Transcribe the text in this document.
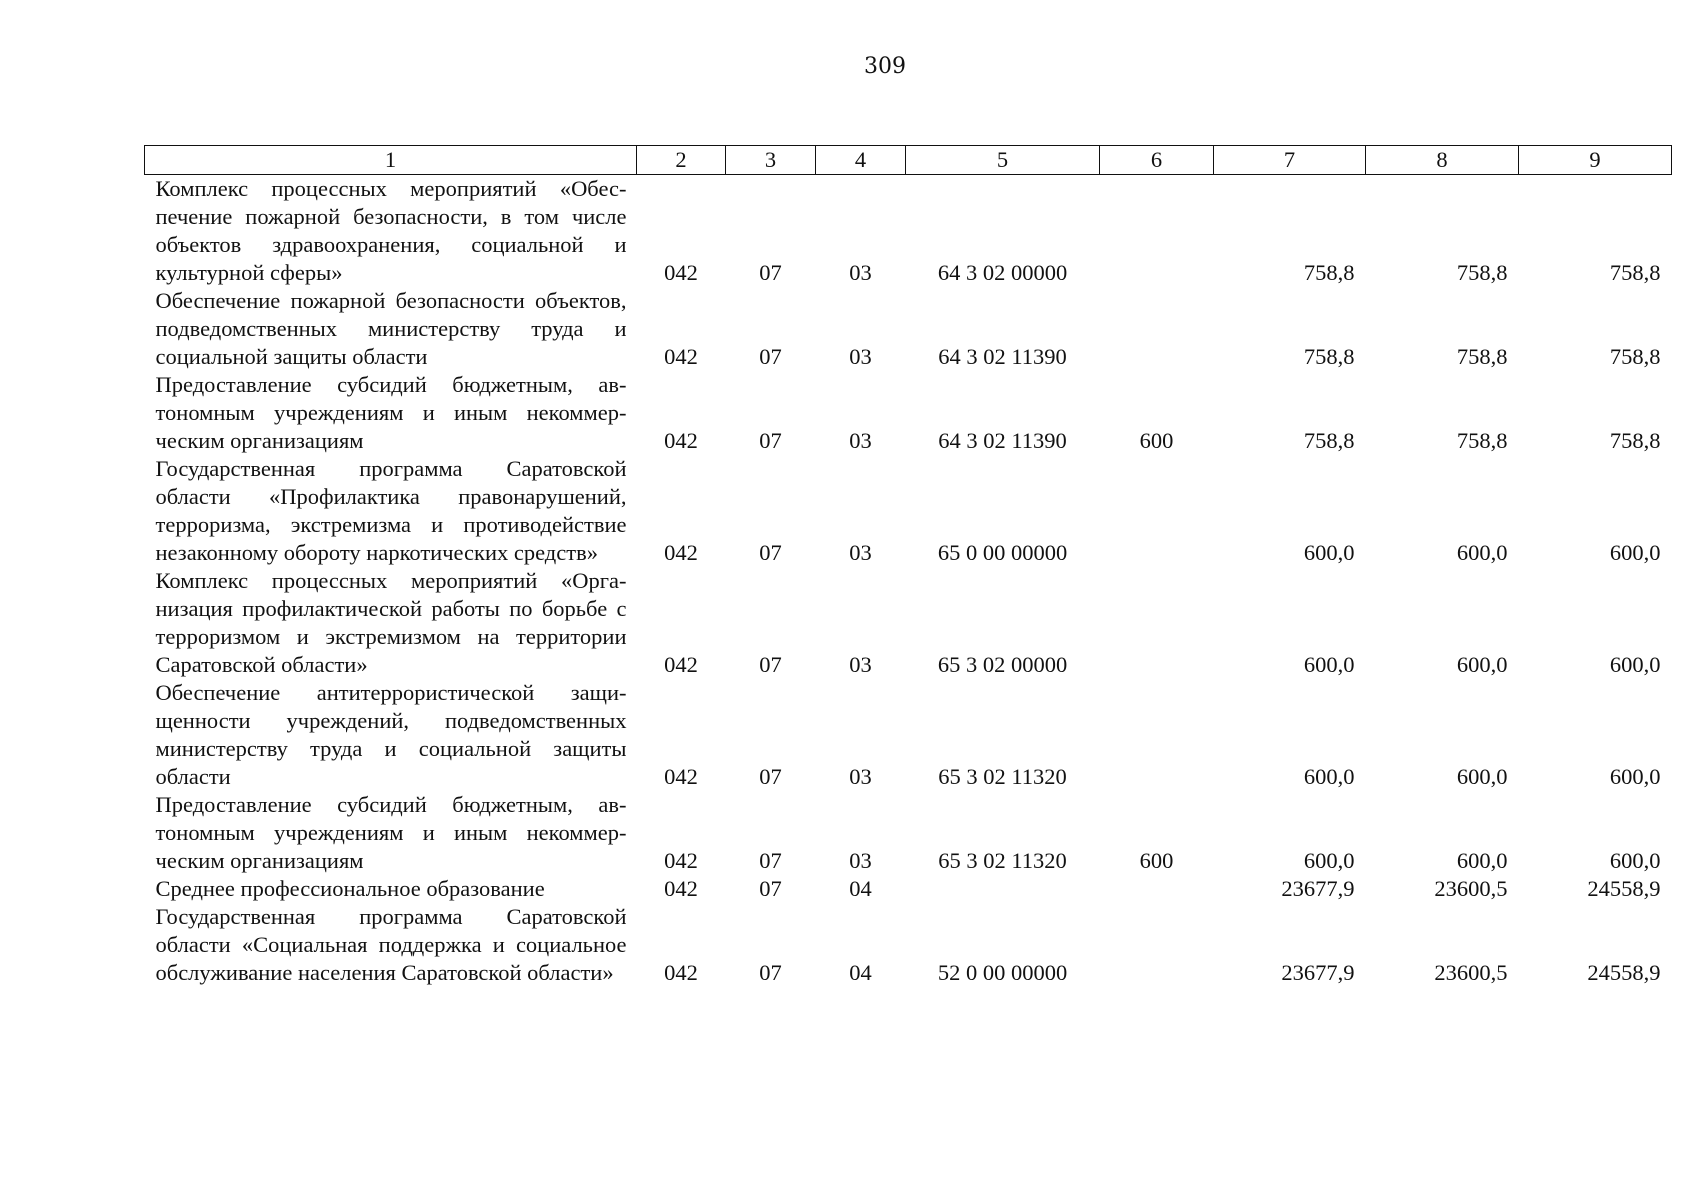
309
1	2	3	4	5	6	7	8	9
Комплекс процессных мероприятий «Обеспечение пожарной безопасности, в том числе объектов здравоохранения, социальной и культурной сферы»	042	07	03	64 3 02 00000		758,8	758,8	758,8
Обеспечение пожарной безопасности объектов, подведомственных министерству труда и социальной защиты области	042	07	03	64 3 02 11390		758,8	758,8	758,8
Предоставление субсидий бюджетным, автономным учреждениям и иным некоммерческим организациям	042	07	03	64 3 02 11390	600	758,8	758,8	758,8
Государственная программа Саратовской области «Профилактика правонарушений, терроризма, экстремизма и противодействие незаконному обороту наркотических средств»	042	07	03	65 0 00 00000		600,0	600,0	600,0
Комплекс процессных мероприятий «Организация профилактической работы по борьбе с терроризмом и экстремизмом на территории Саратовской области»	042	07	03	65 3 02 00000		600,0	600,0	600,0
Обеспечение антитеррористической защищенности учреждений, подведомственных министерству труда и социальной защиты области	042	07	03	65 3 02 11320		600,0	600,0	600,0
Предоставление субсидий бюджетным, автономным учреждениям и иным некоммерческим организациям	042	07	03	65 3 02 11320	600	600,0	600,0	600,0
Среднее профессиональное образование	042	07	04			23677,9	23600,5	24558,9
Государственная программа Саратовской области «Социальная поддержка и социальное обслуживание населения Саратовской области»	042	07	04	52 0 00 00000		23677,9	23600,5	24558,9
